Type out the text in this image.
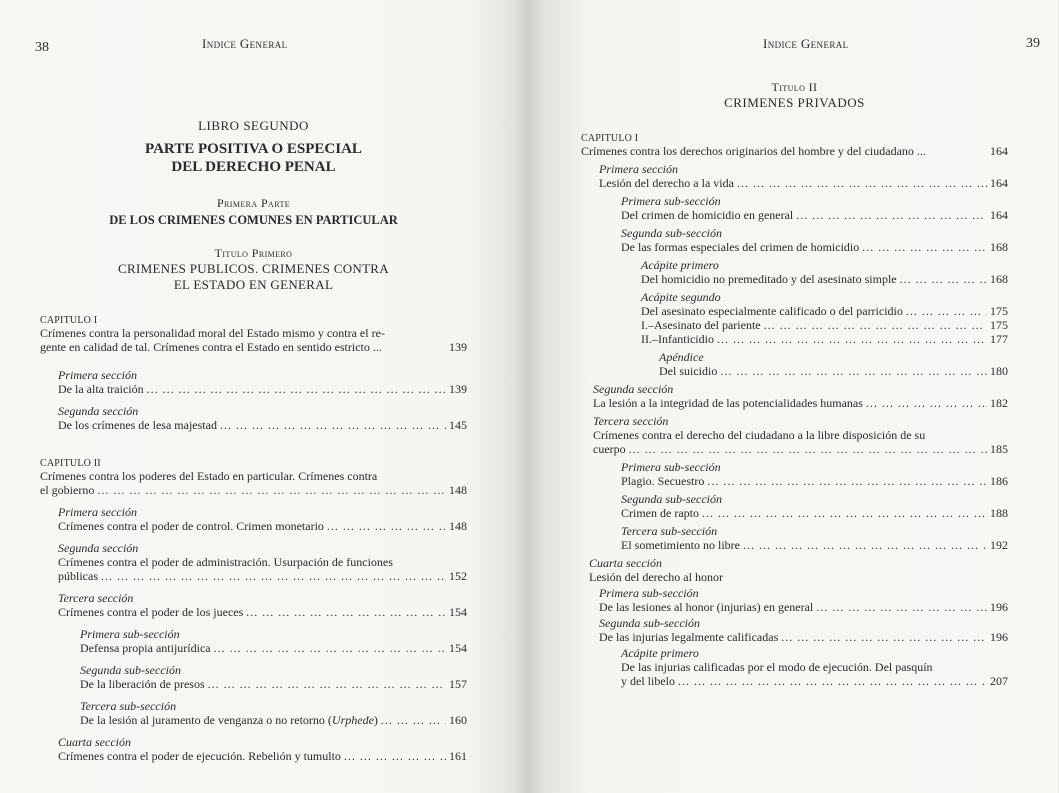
38	Indice General
LIBRO SEGUNDO
PARTE POSITIVA O ESPECIAL
DEL DERECHO PENAL
Primera Parte
DE LOS CRIMENES COMUNES EN PARTICULAR
Titulo Primero
CRIMENES PUBLICOS. CRIMENES CONTRA
EL ESTADO EN GENERAL
CAPITULO I
Crímenes contra la personalidad moral del Estado mismo y contra el re-
gente en calidad de tal. Crímenes contra el Estado en sentido estricto ...	139
Primera sección
De la alta traición ... .	139
Segunda sección
De los crímenes de lesa majestad ... .	145
CAPITULO II
Crímenes contra los poderes del Estado en particular. Crímenes contra
el gobierno ... .	148
Primera sección
Crímenes contra el poder de control. Crimen monetario ... .	148
Segunda sección
Crímenes contra el poder de administración. Usurpación de funciones
públicas ... .	152
Tercera sección
Crímenes contra el poder de los jueces ... .	154
Primera sub-sección
Defensa propia antijurídica ... .	154
Segunda sub-sección
De la liberación de presos ... .	157
Tercera sub-sección
De la lesión al juramento de venganza o no retorno (Urphede) ... .	160
Cuarta sección
Crímenes contra el poder de ejecución. Rebelión y tumulto ... .	161
Indice General	39
Titulo II
CRIMENES PRIVADOS
CAPITULO I
Crímenes contra los derechos originarios del hombre y del ciudadano ...	164
Primera sección
Lesión del derecho a la vida ... .	164
Primera sub-sección
Del crimen de homicidio en general ... .	164
Segunda sub-sección
De las formas especiales del crimen de homicidio ... .	168
Acápite primero
Del homicidio no premeditado y del asesinato simple ... .	168
Acápite segundo
Del asesinato especialmente calificado o del parricidio ... .	175
I.–Asesinato del pariente ... .	175
II.–Infanticidio ... .	177
Apéndice
Del suicidio ... .	180
Segunda sección
La lesión a la integridad de las potencialidades humanas ... .	182
Tercera sección
Crímenes contra el derecho del ciudadano a la libre disposición de su
cuerpo ... .	185
Primera sub-sección
Plagio. Secuestro ... .	186
Segunda sub-sección
Crimen de rapto ... .	188
Tercera sub-sección
El sometimiento no libre ... .	192
Cuarta sección
Lesión del derecho al honor
Primera sub-sección
De las lesiones al honor (injurias) en general ... .	196
Segunda sub-sección
De las injurias legalmente calificadas ... .	196
Acápite primero
De las injurias calificadas por el modo de ejecución. Del pasquín
y del libelo ... .	207
